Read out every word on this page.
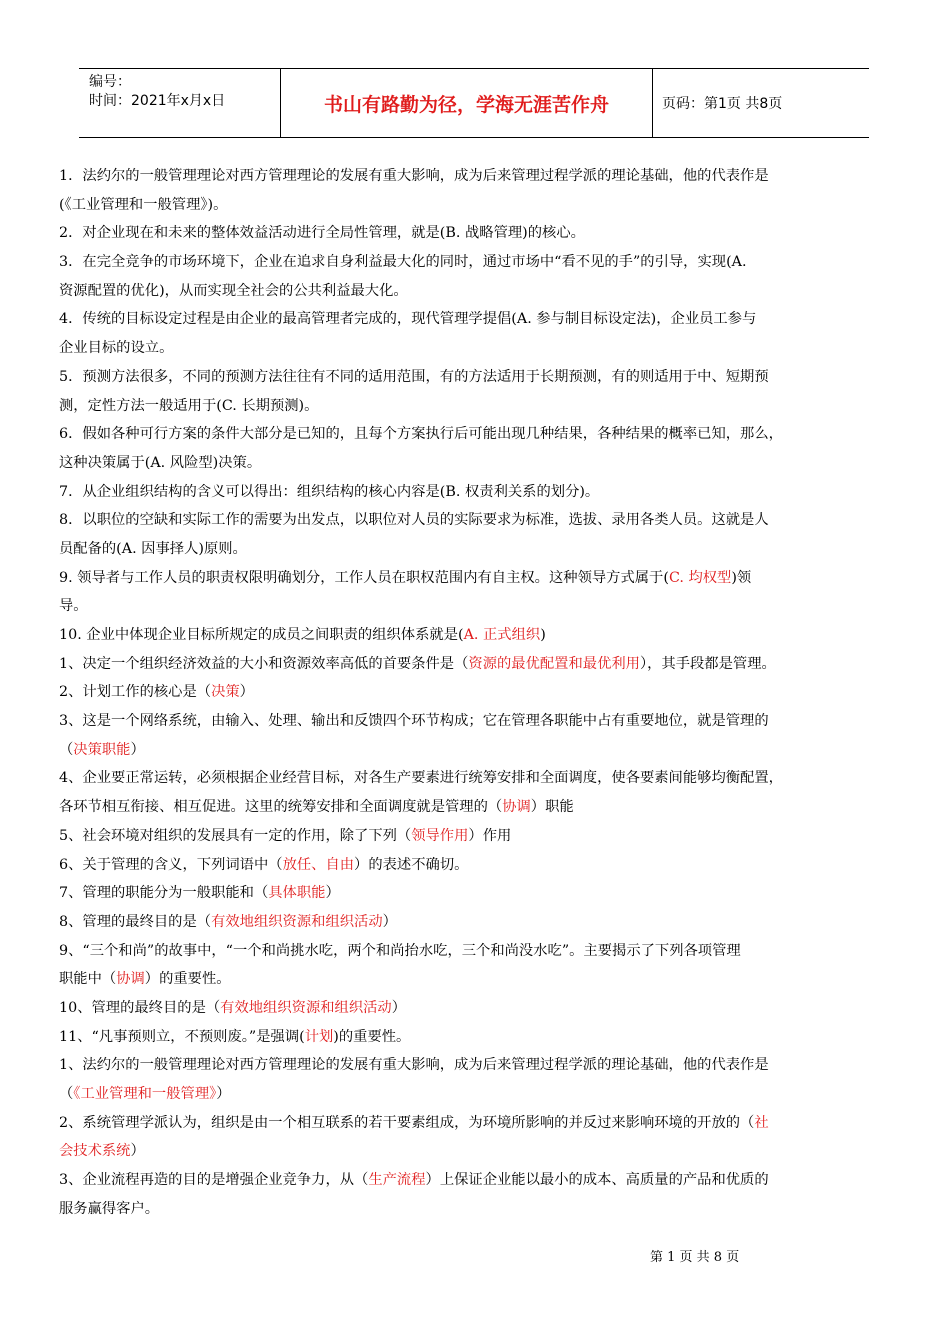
编号：
时间：2021年x月x日	书山有路勤为径，学海无涯苦作舟	页码：第1页 共8页
1．法约尔的一般管理理论对西方管理理论的发展有重大影响，成为后来管理过程学派的理论基础，他的代表作是
(《工业管理和一般管理》)。
2．对企业现在和未来的整体效益活动进行全局性管理，就是(B. 战略管理)的核心。
3．在完全竞争的市场环境下，企业在追求自身利益最大化的同时，通过市场中“看不见的手”的引导，实现(A.
资源配置的优化)，从而实现全社会的公共利益最大化。
4．传统的目标设定过程是由企业的最高管理者完成的，现代管理学提倡(A. 参与制目标设定法)，企业员工参与
企业目标的设立。
5．预测方法很多，不同的预测方法往往有不同的适用范围，有的方法适用于长期预测，有的则适用于中、短期预
测，定性方法一般适用于(C. 长期预测)。
6．假如各种可行方案的条件大部分是已知的，且每个方案执行后可能出现几种结果，各种结果的概率已知，那么，
这种决策属于(A. 风险型)决策。
7．从企业组织结构的含义可以得出：组织结构的核心内容是(B. 权责利关系的划分)。
8．以职位的空缺和实际工作的需要为出发点，以职位对人员的实际要求为标准，选拔、录用各类人员。这就是人
员配备的(A. 因事择人)原则。
9. 领导者与工作人员的职责权限明确划分，工作人员在职权范围内有自主权。这种领导方式属于(C. 均权型)领
导。
10. 企业中体现企业目标所规定的成员之间职责的组织体系就是(A. 正式组织)
1、决定一个组织经济效益的大小和资源效率高低的首要条件是（资源的最优配置和最优利用），其手段都是管理。
2、计划工作的核心是（决策）
3、这是一个网络系统，由输入、处理、输出和反馈四个环节构成；它在管理各职能中占有重要地位，就是管理的
（决策职能）
4、企业要正常运转，必须根据企业经营目标，对各生产要素进行统筹安排和全面调度，使各要素间能够均衡配置，
各环节相互衔接、相互促进。这里的统筹安排和全面调度就是管理的（协调）职能
5、社会环境对组织的发展具有一定的作用，除了下列（领导作用）作用
6、关于管理的含义，下列词语中（放任、自由）的表述不确切。
7、管理的职能分为一般职能和（具体职能）
8、管理的最终目的是（有效地组织资源和组织活动）
9、“三个和尚”的故事中，“一个和尚挑水吃，两个和尚抬水吃，三个和尚没水吃”。主要揭示了下列各项管理
职能中（协调）的重要性。
10、管理的最终目的是（有效地组织资源和组织活动）
11、“凡事预则立，不预则废。”是强调(计划)的重要性。
1、法约尔的一般管理理论对西方管理理论的发展有重大影响，成为后来管理过程学派的理论基础，他的代表作是
（《工业管理和一般管理》）
2、系统管理学派认为，组织是由一个相互联系的若干要素组成，为环境所影响的并反过来影响环境的开放的（社
会技术系统）
3、企业流程再造的目的是增强企业竞争力，从（生产流程）上保证企业能以最小的成本、高质量的产品和优质的
服务赢得客户。
第 1 页 共 8 页
